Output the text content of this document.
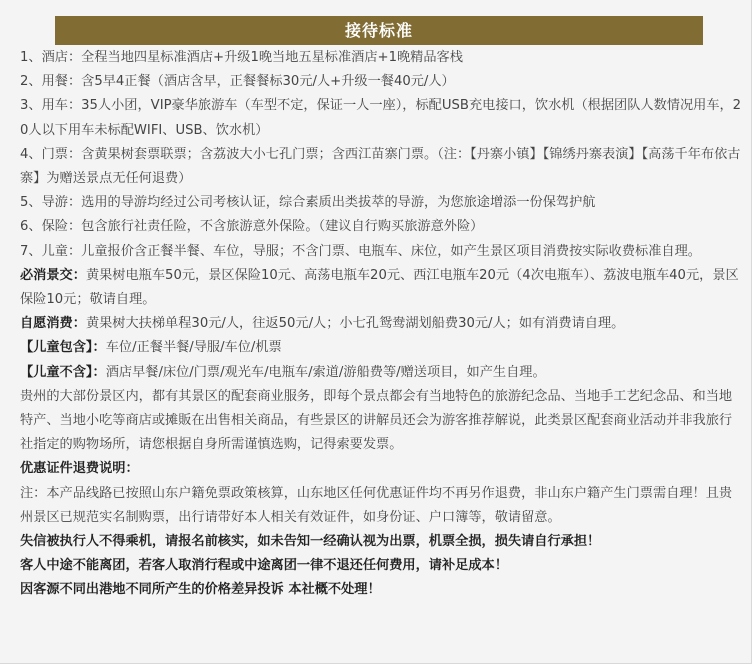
接待标准

1、酒店：全程当地四星标准酒店+升级1晚当地五星标准酒店+1晚精品客栈

2、用餐：含5早4正餐（酒店含早，正餐餐标30元/人+升级一餐40元/人）

3、用车：35人小团，VIP豪华旅游车（车型不定，保证一人一座），标配USB充电接口，饮水机（根据团队人数情况用车，20人以下用车未标配WIFI、USB、饮水机）

4、门票：含黄果树套票联票；含荔波大小七孔门票；含西江苗寨门票。（注：【丹寨小镇】【锦绣丹寨表演】【高荡千年布依古寨】为赠送景点无任何退费）

5、导游：选用的导游均经过公司考核认证，综合素质出类拔萃的导游，为您旅途增添一份保驾护航

6、保险：包含旅行社责任险，不含旅游意外保险。（建议自行购买旅游意外险）

7、儿童：儿童报价含正餐半餐、车位，导服；不含门票、电瓶车、床位，如产生景区项目消费按实际收费标准自理。

必消景交：黄果树电瓶车50元，景区保险10元、高荡电瓶车20元、西江电瓶车20元（4次电瓶车）、荔波电瓶车40元，景区保险10元；敬请自理。

自愿消费：黄果树大扶梯单程30元/人，往返50元/人；小七孔鸳鸯湖划船费30元/人；如有消费请自理。

【儿童包含】：车位/正餐半餐/导服/车位/机票

【儿童不含】：酒店早餐/床位/门票/观光车/电瓶车/索道/游船费等/赠送项目，如产生自理。

贵州的大部份景区内，都有其景区的配套商业服务，即每个景点都会有当地特色的旅游纪念品、当地手工艺纪念品、和当地特产、当地小吃等商店或摊販在出售相关商品，有些景区的讲解员还会为游客推荐解说，此类景区配套商业活动并非我旅行社指定的购物场所，请您根据自身所需谨慎选购，记得索要发票。

优惠证件退费说明：

注：本产品线路已按照山东户籍免票政策核算，山东地区任何优惠证件均不再另作退费，非山东户籍产生门票需自理！且贵州景区已规范实名制购票，出行请带好本人相关有效证件，如身份证、户口簿等，敬请留意。

失信被执行人不得乘机，请报名前核实，如未告知一经确认视为出票，机票全损，损失请自行承担！

客人中途不能离团，若客人取消行程或中途离团一律不退还任何费用，请补足成本！

因客源不同出港地不同所产生的价格差异投诉 本社概不处理！
